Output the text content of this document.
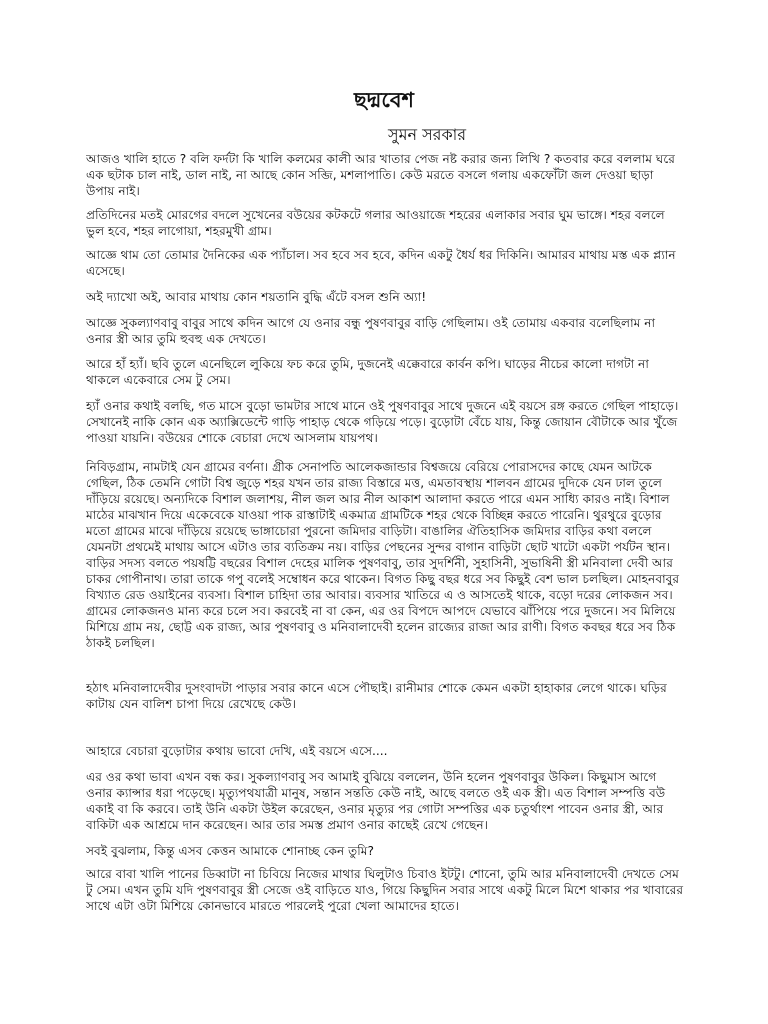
ছদ্মবেশ
সুমন সরকার

আজও খালি হাতে ? বলি ফর্দটা কি খালি কলমের কালী আর খাতার পেজ নষ্ট করার জন্য লিখি ? কতবার করে বললাম ঘরে এক ছটাক চাল নাই, ডাল নাই, না আছে কোন সব্জি, মশলাপাতি। কেউ মরতে বসলে গলায় একফোঁটা জল দেওয়া ছাড়া উপায় নাই।

প্রতিদিনের মতই মোরগের বদলে সুখেনের বউয়ের কটকটে গলার আওয়াজে শহরের এলাকার সবার ঘুম ভাঙ্গে। শহর বললে ভুল হবে, শহর লাগোয়া, শহরমুখী গ্রাম।

আজ্ঞে থাম তো তোমার দৈনিকের এক প্যাঁচাল। সব হবে সব হবে, কদিন একটু ধৈর্য ধর দিকিনি। আমারব মাথায় মস্ত এক প্ল্যান এসেছে।

অই দ্যাখো অই, আবার মাথায় কোন শয়তানি বুদ্ধি এঁটে বসল শুনি অ্যা!

আজ্ঞে সুকল্যাণবাবু বাবুর সাথে কদিন আগে যে ওনার বন্ধু পুষণবাবুর বাড়ি গেছিলাম। ওই তোমায় একবার বলেছিলাম না ওনার স্ত্রী আর তুমি হুবহু এক দেখতে।

আরে হাঁ হ্যাঁ। ছবি তুলে এনেছিলে লুকিয়ে ফচ করে তুমি, দুজনেই এক্কেবারে কার্বন কপি। ঘাড়ের নীচের কালো দাগটা না থাকলে একেবারে সেম টু সেম।

হ্যাঁ ওনার কথাই বলছি, গত মাসে বুড়ো ভামটার সাথে মানে ওই পুষণবাবুর সাথে দুজনে এই বয়সে রঙ্গ করতে গেছিল পাহাড়ে। সেখানেই নাকি কোন এক অ্যাক্সিডেন্টে গাড়ি পাহাড় থেকে গড়িয়ে পড়ে। বুড়োটা বেঁচে যায়, কিন্তু জোয়ান বৌটাকে আর খুঁজে পাওয়া যায়নি। বউয়ের শোকে বেচারা দেখে আসলাম যায়পথ।

নিবিড়গ্রাম, নামটাই যেন গ্রামের বর্ণনা। গ্রীক সেনাপতি আলেকজান্ডার বিশ্বজয়ে বেরিয়ে পোরাসদের কাছে যেমন আটকে গেছিল, ঠিক তেমনি গোটা বিশ্ব জুড়ে শহর যখন তার রাজ্য বিস্তারে মত্ত, এমতাবস্থায় শালবন গ্রামের দুদিকে যেন ঢাল তুলে দাঁড়িয়ে রয়েছে। অন্যদিকে বিশাল জলাশয়, নীল জল আর নীল আকাশ আলাদা করতে পারে এমন সাধ্যি কারও নাই। বিশাল মাঠের মাঝখান দিয়ে একেবেকে যাওয়া পাক রাস্তাটাই একমাত্র গ্রামটিকে শহর থেকে বিচ্ছিন্ন করতে পারেনি। থুরথুরে বুড়োর মতো গ্রামের মাঝে দাঁড়িয়ে রয়েছে ভাঙ্গাচোরা পুরনো জমিদার বাড়িটা। বাঙালির ঐতিহাসিক জমিদার বাড়ির কথা বললে যেমনটা প্রথমেই মাথায় আসে এটাও তার ব্যতিক্রম নয়। বাড়ির পেছনের সুন্দর বাগান বাড়িটা ছোট খাটো একটা পর্যটন স্থান। বাড়ির সদস্য বলতে পয়ষট্টি বছরের বিশাল দেহের মালিক পুষণবাবু, তার সুদর্শিনী, সুহাসিনী, সুভাষিনী স্ত্রী মনিবালা দেবী আর চাকর গোপীনাথ। তারা তাকে গপু বলেই সম্বোধন করে থাকেন। বিগত কিছু বছর ধরে সব কিছুই বেশ ভাল চলছিল। মোহনবাবুর বিখ্যাত রেড ওয়াইনের ব্যবসা। বিশাল চাহিদা তার আবার। ব্যবসার খাতিরে এ ও আসতেই থাকে, বড়ো দরের লোকজন সব। গ্রামের লোকজনও মান্য করে চলে সব। করবেই না বা কেন, এর ওর বিপদে আপদে যেভাবে ঝাঁপিয়ে পরে দুজনে। সব মিলিয়ে মিশিয়ে গ্রাম নয়, ছোট্ট এক রাজ্য, আর পুষণবাবু ও মনিবালাদেবী হলেন রাজ্যের রাজা আর রাণী। বিগত কবছর ধরে সব ঠিক ঠাকই চলছিল।

হঠাৎ মনিবালাদেবীর দুসংবাদটা পাড়ার সবার কানে এসে পৌছাই। রানীমার শোকে কেমন একটা হাহাকার লেগে থাকে। ঘড়ির কাটায় যেন বালিশ চাপা দিয়ে রেখেছে কেউ।

আহারে বেচারা বুড়োটার কথায় ভাবো দেখি, এই বয়সে এসে....

এর ওর কথা ভাবা এখন বন্ধ কর। সুকল্যাণবাবু সব আমাই বুঝিয়ে বললেন, উনি হলেন পুষণবাবুর উকিল। কিছুমাস আগে ওনার ক্যান্সার ধরা পড়েছে। মৃত্যুপথযাত্রী মানুষ, সন্তান সন্ততি কেউ নাই, আছে বলতে ওই এক স্ত্রী। এত বিশাল সম্পত্তি বউ একাই বা কি করবে। তাই উনি একটা উইল করেছেন, ওনার মৃত্যুর পর গোটা সম্পত্তির এক চতুর্থাংশ পাবেন ওনার স্ত্রী, আর বাকিটা এক আশ্রমে দান করেছেন। আর তার সমস্ত প্রমাণ ওনার কাছেই রেখে গেছেন।

সবই বুঝলাম, কিন্তু এসব কেত্তন আমাকে শোনাচ্ছ কেন তুমি?

আরে বাবা খালি পানের ডিব্বাটা না চিবিয়ে নিজের মাথার ঘিলুটাও চিবাও ইটটু। শোনো, তুমি আর মনিবালাদেবী দেখতে সেম টু সেম। এখন তুমি যদি পুষণবাবুর স্ত্রী সেজে ওই বাড়িতে যাও, গিয়ে কিছুদিন সবার সাথে একটু মিলে মিশে থাকার পর খাবারের সাথে এটা ওটা মিশিয়ে কোনভাবে মারতে পারলেই পুরো খেলা আমাদের হাতে।
